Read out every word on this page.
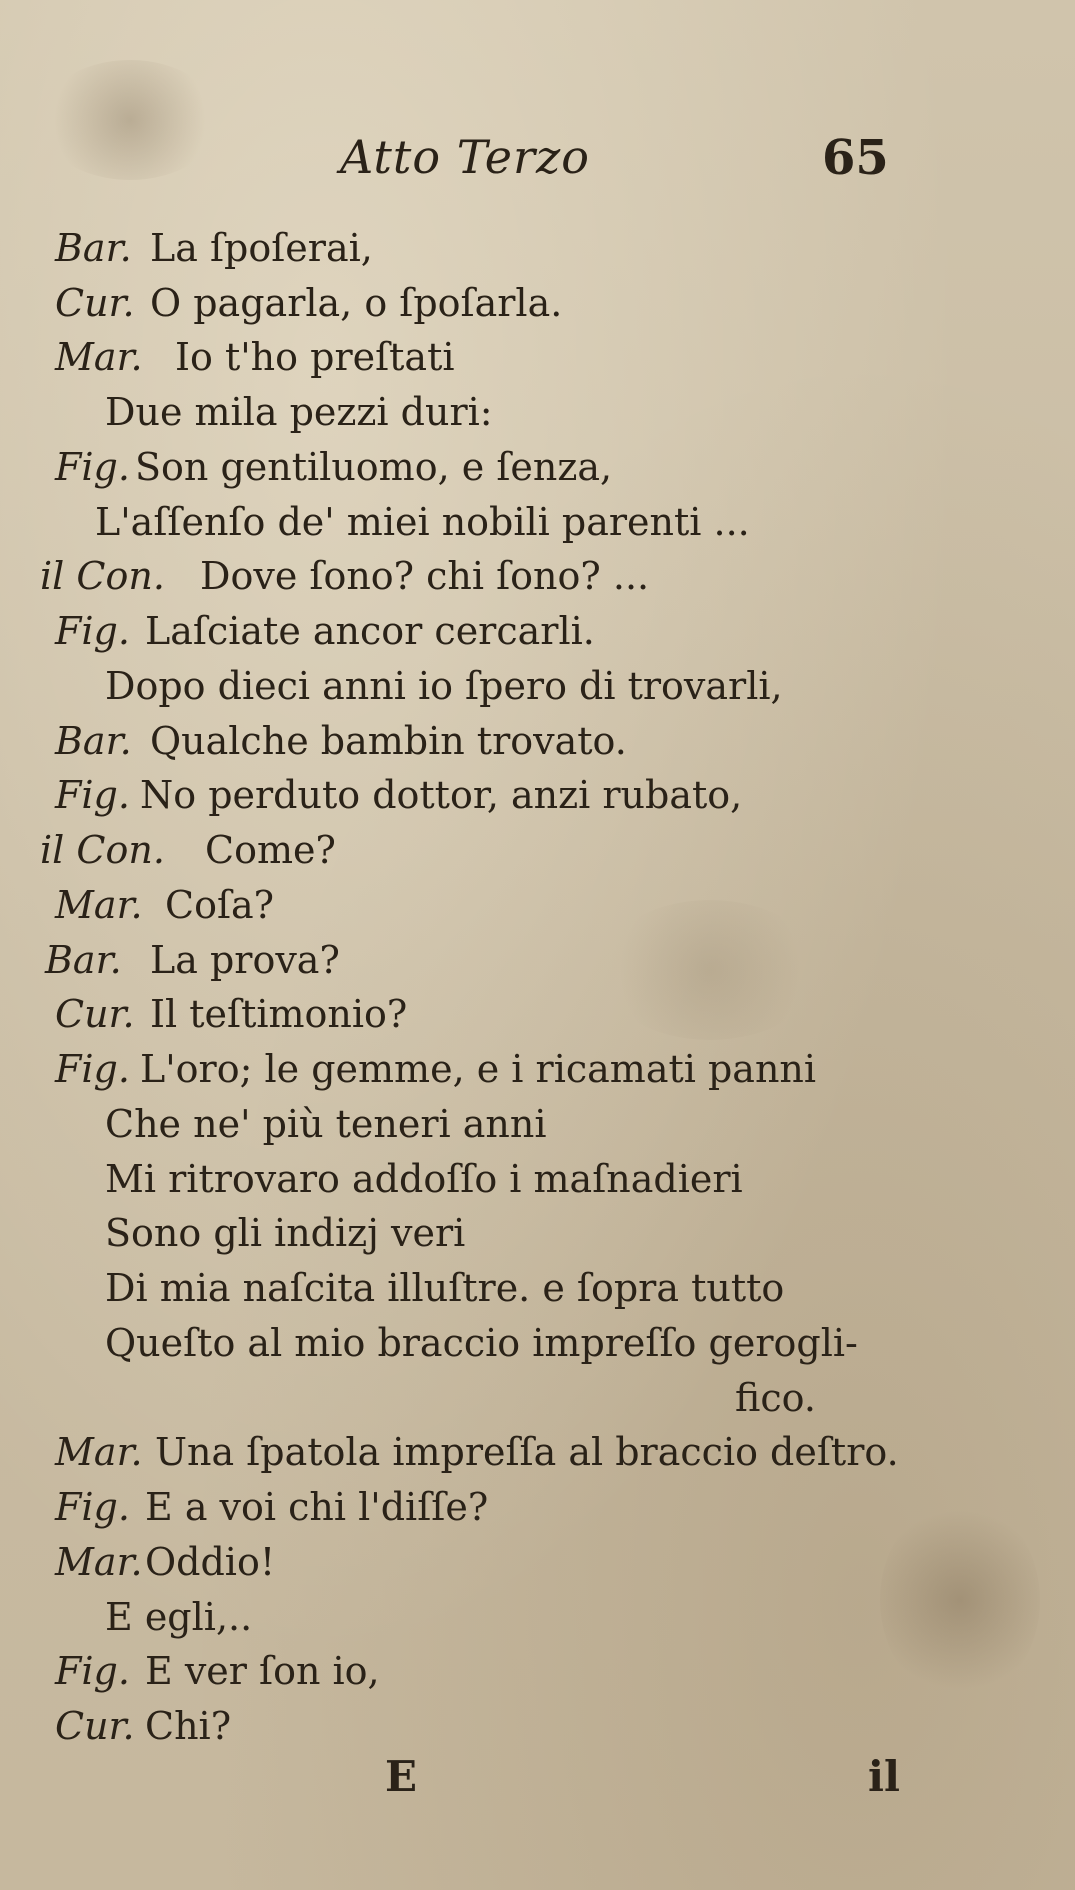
Atto Terzo	65
Bar. La ſpoſerai,
Cur. O pagarla, o ſpoſarla.
Mar. Io t'ho preſtati
Due mila pezzi duri:
Fig. Son gentiluomo, e ſenza,
L'aſſenſo de' miei nobili parenti ...
il Con. Dove ſono? chi ſono? ...
Fig. Laſciate ancor cercarli.
Dopo dieci anni io ſpero di trovarli,
Bar. Qualche bambin trovato.
Fig. No perduto dottor, anzi rubato,
il Con. Come?
Mar. Coſa?
Bar. La prova?
Cur. Il teſtimonio?
Fig. L'oro; le gemme, e i ricamati panni
Che ne' più teneri anni
Mi ritrovaro addoſſo i maſnadieri
Sono gli indizj veri
Di mia naſcita illuſtre. e ſopra tutto
Queſto al mio braccio impreſſo gerogli-
fico.
Mar. Una ſpatola impreſſa al braccio deſtro.
Fig. E a voi chi l'diſſe?
Mar. Oddio!
E egli,..
Fig. E ver ſon io,
Cur. Chi?
E	il
